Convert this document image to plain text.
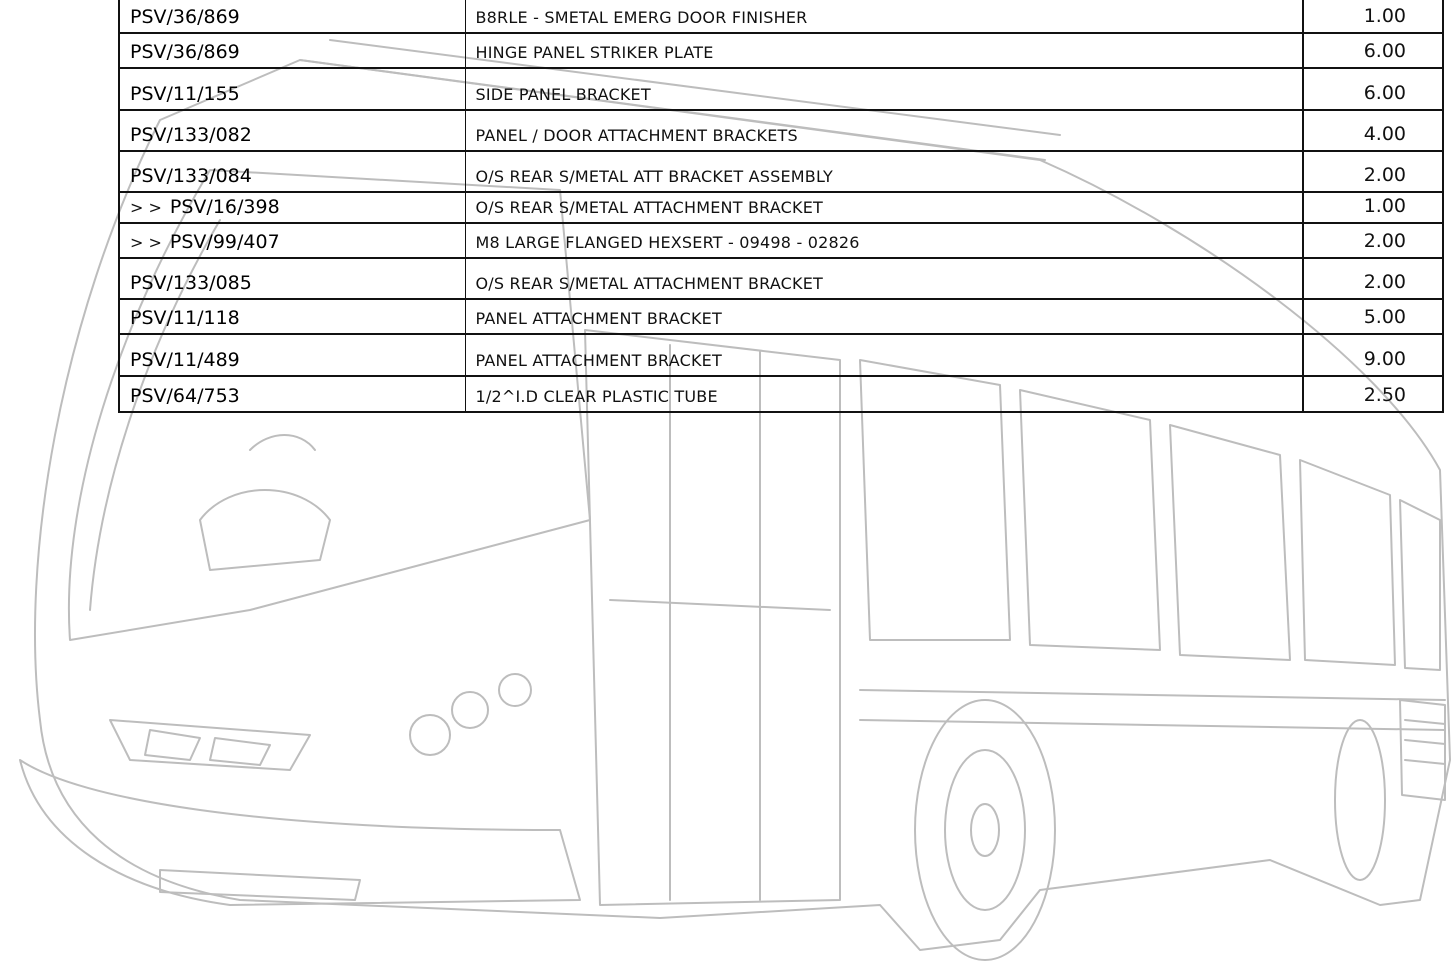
PSV/36/869	B8RLE - SMETAL EMERG DOOR FINISHER	1.00
PSV/36/869	HINGE PANEL STRIKER PLATE	6.00
PSV/11/155	SIDE PANEL BRACKET	6.00
PSV/133/082	PANEL / DOOR ATTACHMENT BRACKETS	4.00
PSV/133/084	O/S REAR S/METAL ATT BRACKET ASSEMBLY	2.00
> > PSV/16/398	O/S REAR S/METAL ATTACHMENT BRACKET	1.00
> > PSV/99/407	M8 LARGE FLANGED HEXSERT - 09498 - 02826	2.00
PSV/133/085	O/S REAR S/METAL ATTACHMENT BRACKET	2.00
PSV/11/118	PANEL ATTACHMENT BRACKET	5.00
PSV/11/489	PANEL ATTACHMENT BRACKET	9.00
PSV/64/753	1/2^I.D CLEAR PLASTIC TUBE	2.50
